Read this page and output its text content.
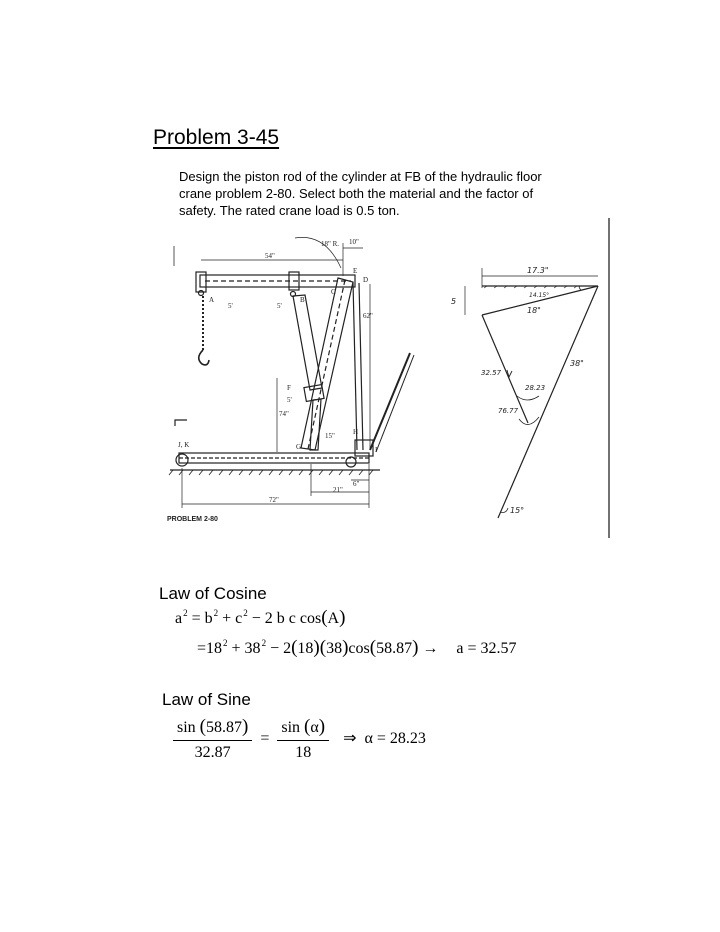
Problem 3-45
Design the piston rod of the cylinder at FB of the hydraulic floor
crane problem 2-80. Select both the material and the factor of
safety. The rated crane load is 0.5 ton.
18" R. 10"
54"
E
D
C
A
5'
B
5'
62"
F
5'
74"
15"
G
H
I
J, K
6"
21"
72"
PROBLEM 2-80
17.3"
5
14.15°
18"
38"
32.57
28.23
76.77
15°
Law of Cosine
$a^2 = b^2 + c^2 - 2$ b c cos(A)
$=18^2 + 38^2 - 2(18)(38)\cos(58.87) \to a = 32.57$
Law of Sine
$\frac{\sin (58.87)}{32.87} = \frac{\sin (\alpha)}{18}$ ⇒ α = 28.23
